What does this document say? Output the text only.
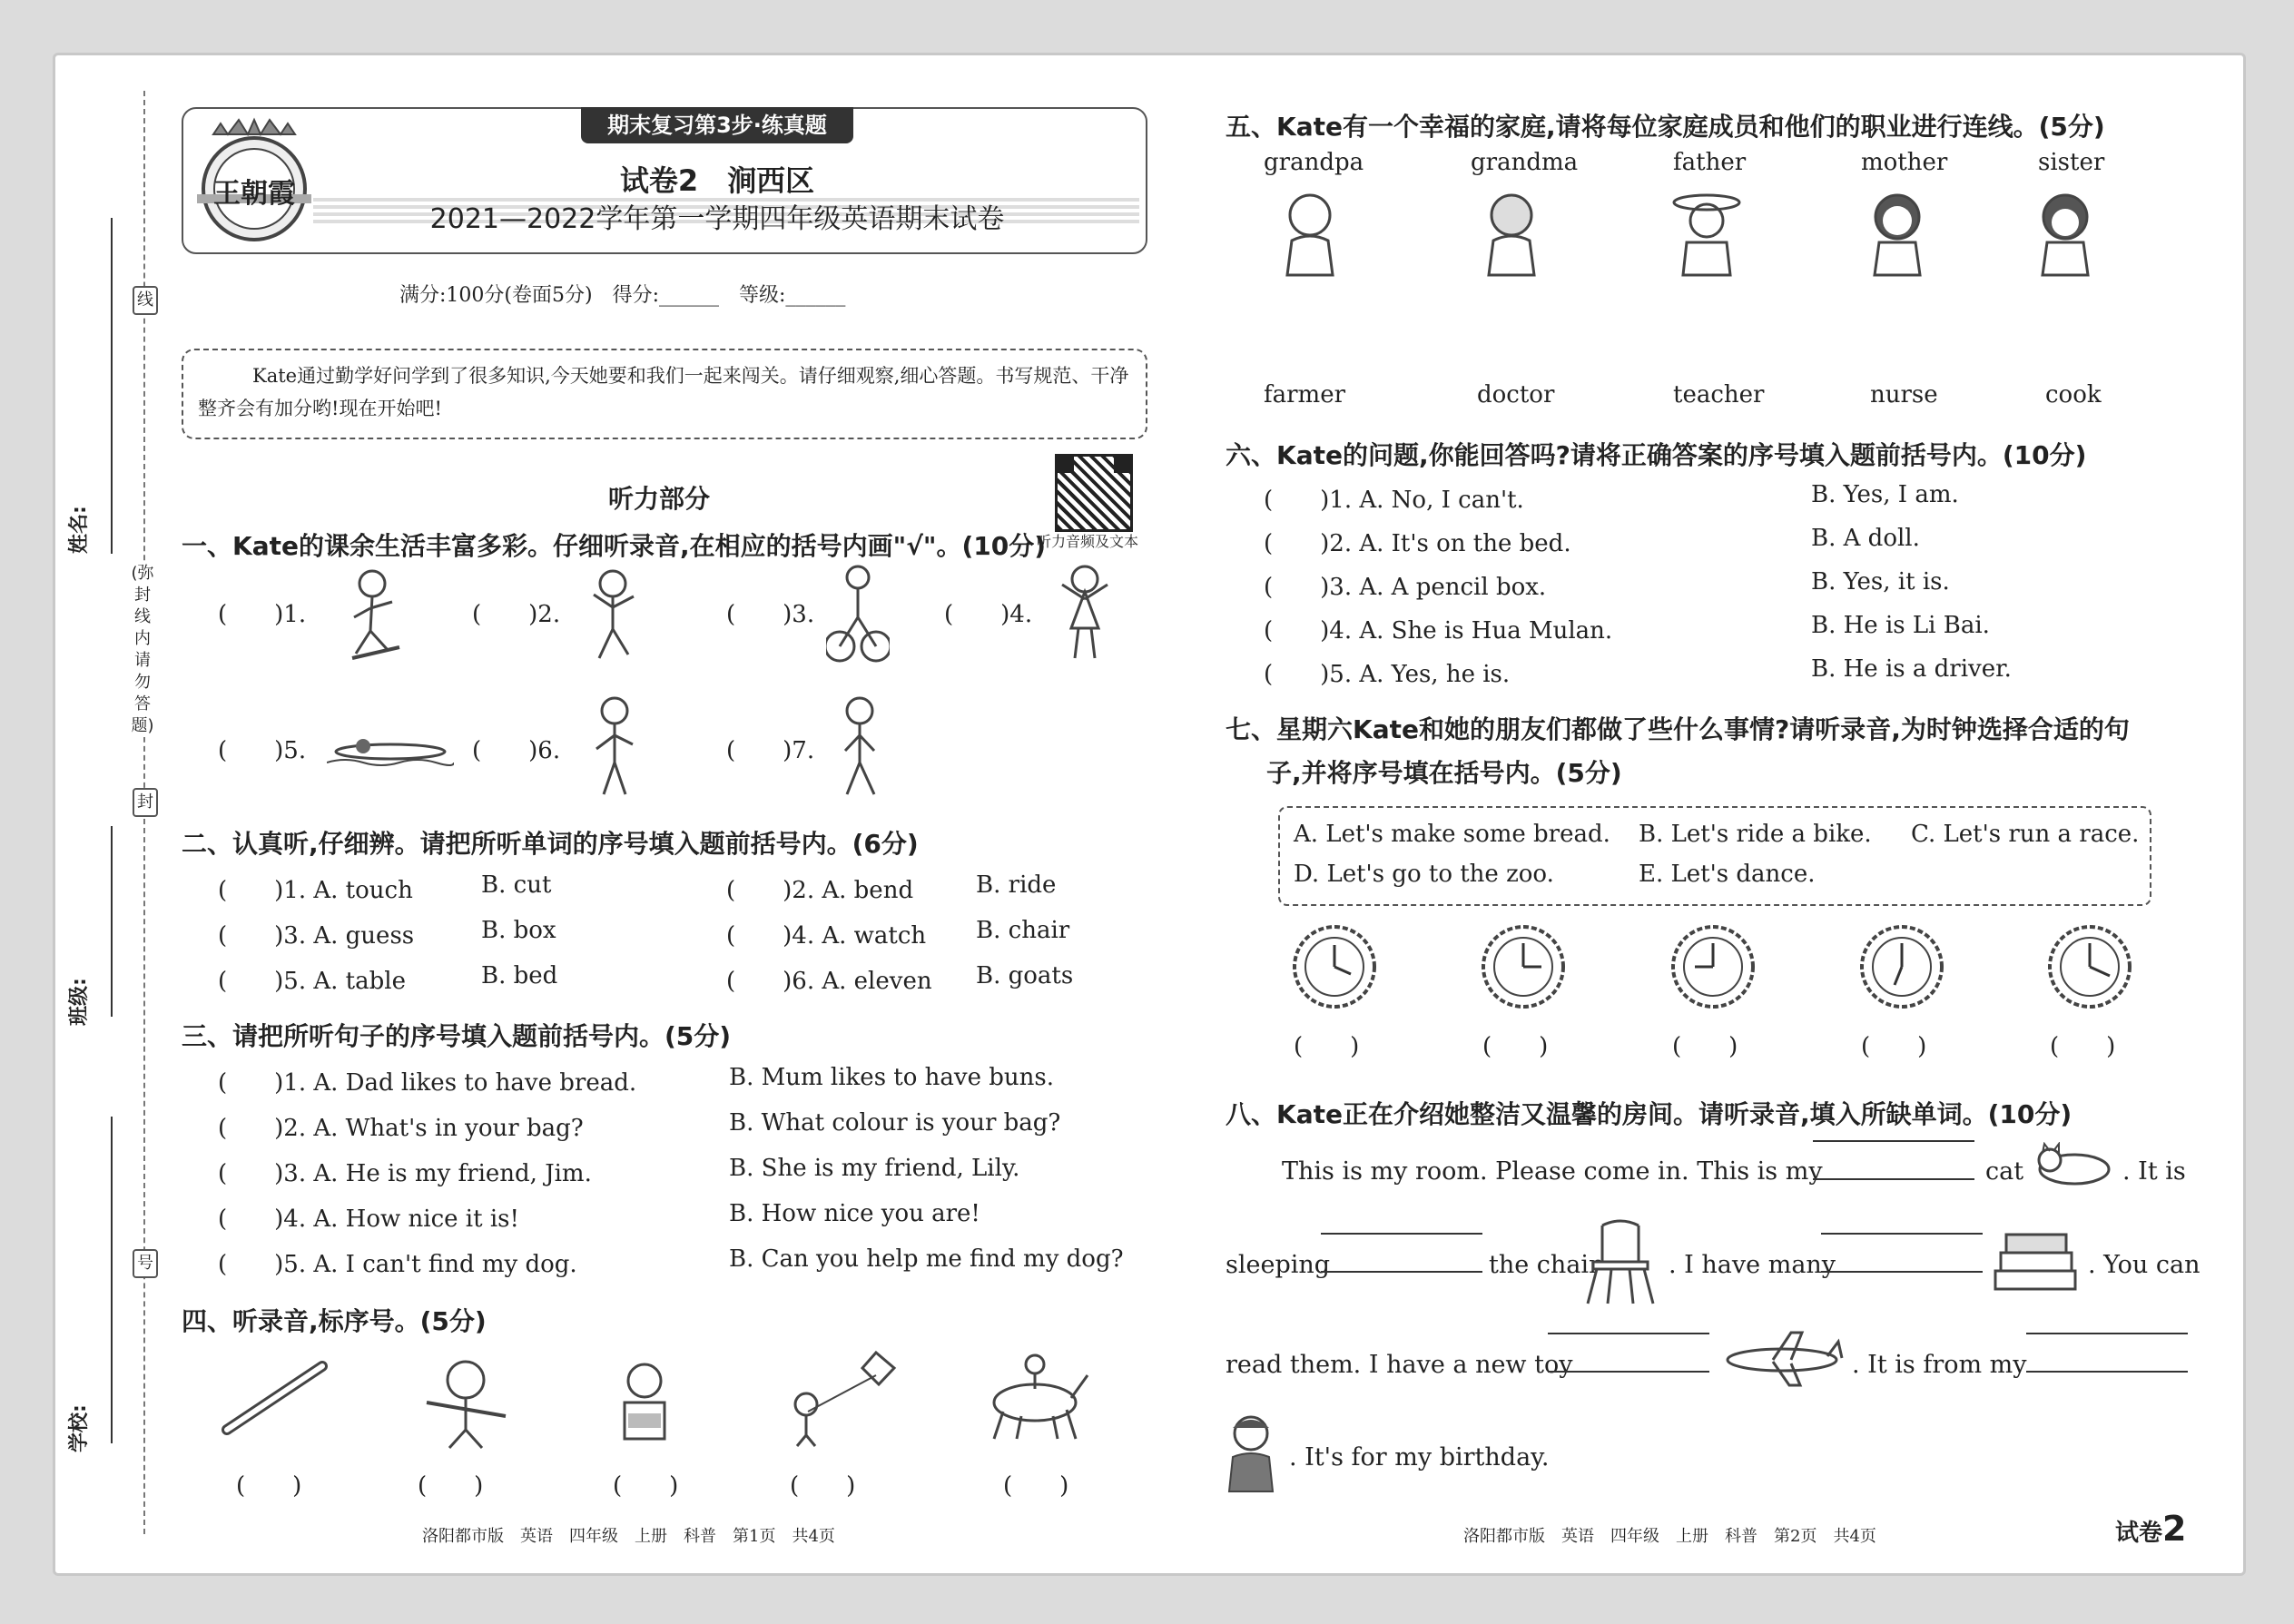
线
(弥封线内请勿答题)
封
号
姓名:
班级:
学校:
王朝霞
期末复习第3步·练真题
试卷2　涧西区
2021—2022学年第一学期四年级英语期末试卷
满分:100分(卷面5分)　得分:______　等级:______
Kate通过勤学好问学到了很多知识,今天她要和我们一起来闯关。请仔细观察,细心答题。书写规范、干净整齐会有加分哟!现在开始吧!
听力部分
听力音频及文本
一、Kate的课余生活丰富多彩。仔细听录音,在相应的括号内画"√"。(10分)
(　　)1.	(　　)2.	(　　)3.	(　　)4.
(　　)5.	(　　)6.	(　　)7.
二、认真听,仔细辨。请把所听单词的序号填入题前括号内。(6分)
(　　)1. A. touch	B. cut	(　　)2. A. bend	B. ride
(　　)3. A. guess	B. box	(　　)4. A. watch B. chair
(　　)5. A. table	B. bed	(　　)6. A. eleven B. goats
三、请把所听句子的序号填入题前括号内。(5分)
(　　)1. A. Dad likes to have bread.	B. Mum likes to have buns.
(　　)2. A. What's in your bag?	B. What colour is your bag?
(　　)3. A. He is my friend, Jim.	B. She is my friend, Lily.
(　　)4. A. How nice it is!	B. How nice you are!
(　　)5. A. I can't find my dog.	B. Can you help me find my dog?
四、听录音,标序号。(5分)
(　　)	(　　)	(　　)	(　　)	(　　)
洛阳都市版　英语　四年级　上册　科普　第1页　共4页
五、Kate有一个幸福的家庭,请将每位家庭成员和他们的职业进行连线。(5分)
grandpa	grandma	father	mother	sister
farmer	doctor	teacher	nurse	cook
六、Kate的问题,你能回答吗?请将正确答案的序号填入题前括号内。(10分)
(　　)1. A. No, I can't.	B. Yes, I am.
(　　)2. A. It's on the bed.	B. A doll.
(　　)3. A. A pencil box.	B. Yes, it is.
(　　)4. A. She is Hua Mulan.	B. He is Li Bai.
(　　)5. A. Yes, he is.	B. He is a driver.
七、星期六Kate和她的朋友们都做了些什么事情?请听录音,为时钟选择合适的句
子,并将序号填在括号内。(5分)
A. Let's make some bread. B. Let's ride a bike. C. Let's run a race.
D. Let's go to the zoo.	E. Let's dance.
(　　)	(　　)	(　　)	(　　)	(　　)
八、Kate正在介绍她整洁又温馨的房间。请听录音,填入所缺单词。(10分)
This is my room. Please come in. This is my	cat	. It is
sleeping	the chair	. I have many	. You can
read them. I have a new toy	. It is from my
. It's for my birthday.
洛阳都市版　英语　四年级　上册　科普　第2页　共4页	试卷2
